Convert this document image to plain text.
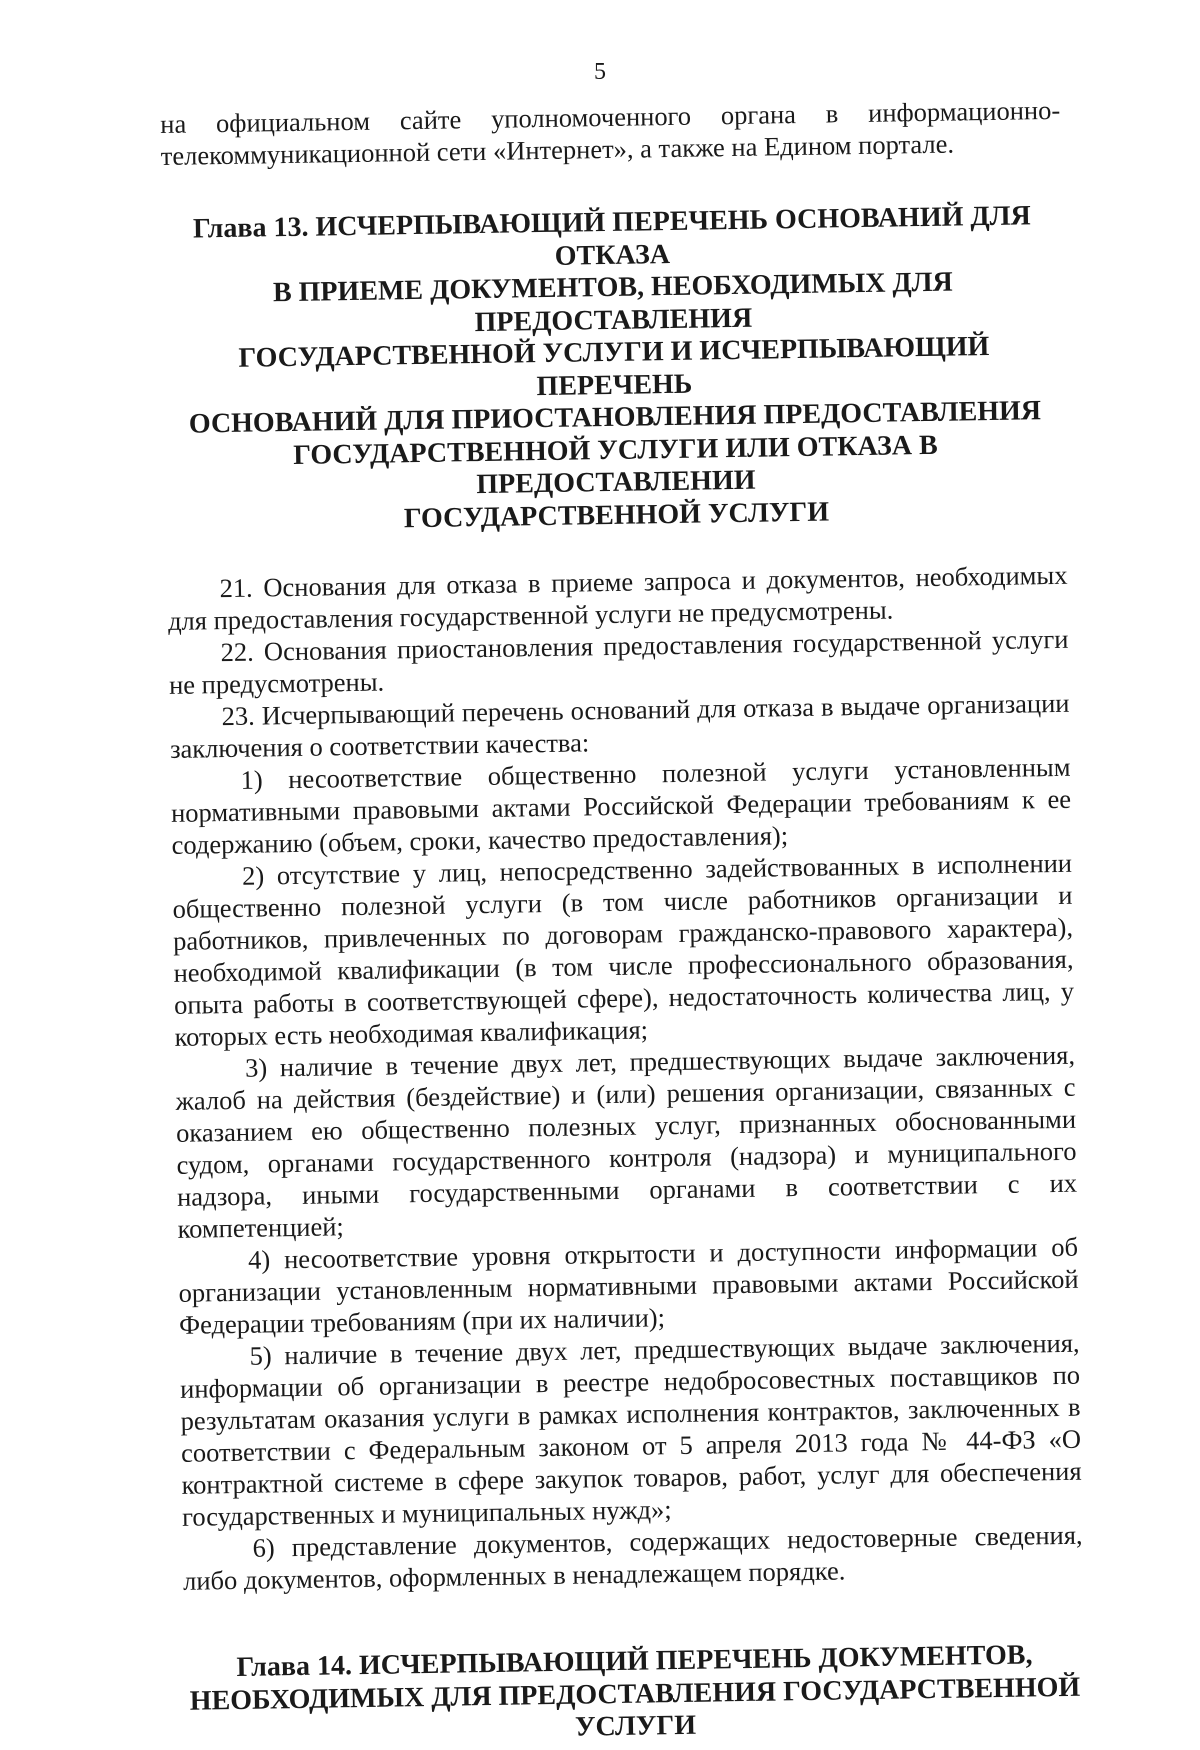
5

на официальном сайте уполномоченного органа в информационно-телекоммуникационной сети «Интернет», а также на Едином портале.

Глава 13. ИСЧЕРПЫВАЮЩИЙ ПЕРЕЧЕНЬ ОСНОВАНИЙ ДЛЯ ОТКАЗА
В ПРИЕМЕ ДОКУМЕНТОВ, НЕОБХОДИМЫХ ДЛЯ ПРЕДОСТАВЛЕНИЯ
ГОСУДАРСТВЕННОЙ УСЛУГИ И ИСЧЕРПЫВАЮЩИЙ ПЕРЕЧЕНЬ
ОСНОВАНИЙ ДЛЯ ПРИОСТАНОВЛЕНИЯ ПРЕДОСТАВЛЕНИЯ
ГОСУДАРСТВЕННОЙ УСЛУГИ ИЛИ ОТКАЗА В ПРЕДОСТАВЛЕНИИ
ГОСУДАРСТВЕННОЙ УСЛУГИ

21. Основания для отказа в приеме запроса и документов, необходимых для предоставления государственной услуги не предусмотрены.

22. Основания приостановления предоставления государственной услуги не предусмотрены.

23. Исчерпывающий перечень оснований для отказа в выдаче организации заключения о соответствии качества:

1) несоответствие общественно полезной услуги установленным нормативными правовыми актами Российской Федерации требованиям к ее содержанию (объем, сроки, качество предоставления);

2) отсутствие у лиц, непосредственно задействованных в исполнении общественно полезной услуги (в том числе работников организации и работников, привлеченных по договорам гражданско-правового характера), необходимой квалификации (в том числе профессионального образования, опыта работы в соответствующей сфере), недостаточность количества лиц, у которых есть необходимая квалификация;

3) наличие в течение двух лет, предшествующих выдаче заключения, жалоб на действия (бездействие) и (или) решения организации, связанных с оказанием ею общественно полезных услуг, признанных обоснованными судом, органами государственного контроля (надзора) и муниципального надзора, иными государственными органами в соответствии с их компетенцией;

4) несоответствие уровня открытости и доступности информации об организации установленным нормативными правовыми актами Российской Федерации требованиям (при их наличии);

5) наличие в течение двух лет, предшествующих выдаче заключения, информации об организации в реестре недобросовестных поставщиков по результатам оказания услуги в рамках исполнения контрактов, заключенных в соответствии с Федеральным законом от 5 апреля 2013 года № 44-ФЗ «О контрактной системе в сфере закупок товаров, работ, услуг для обеспечения государственных и муниципальных нужд»;

6) представление документов, содержащих недостоверные сведения, либо документов, оформленных в ненадлежащем порядке.

Глава 14. ИСЧЕРПЫВАЮЩИЙ ПЕРЕЧЕНЬ ДОКУМЕНТОВ,
НЕОБХОДИМЫХ ДЛЯ ПРЕДОСТАВЛЕНИЯ ГОСУДАРСТВЕННОЙ
УСЛУГИ
